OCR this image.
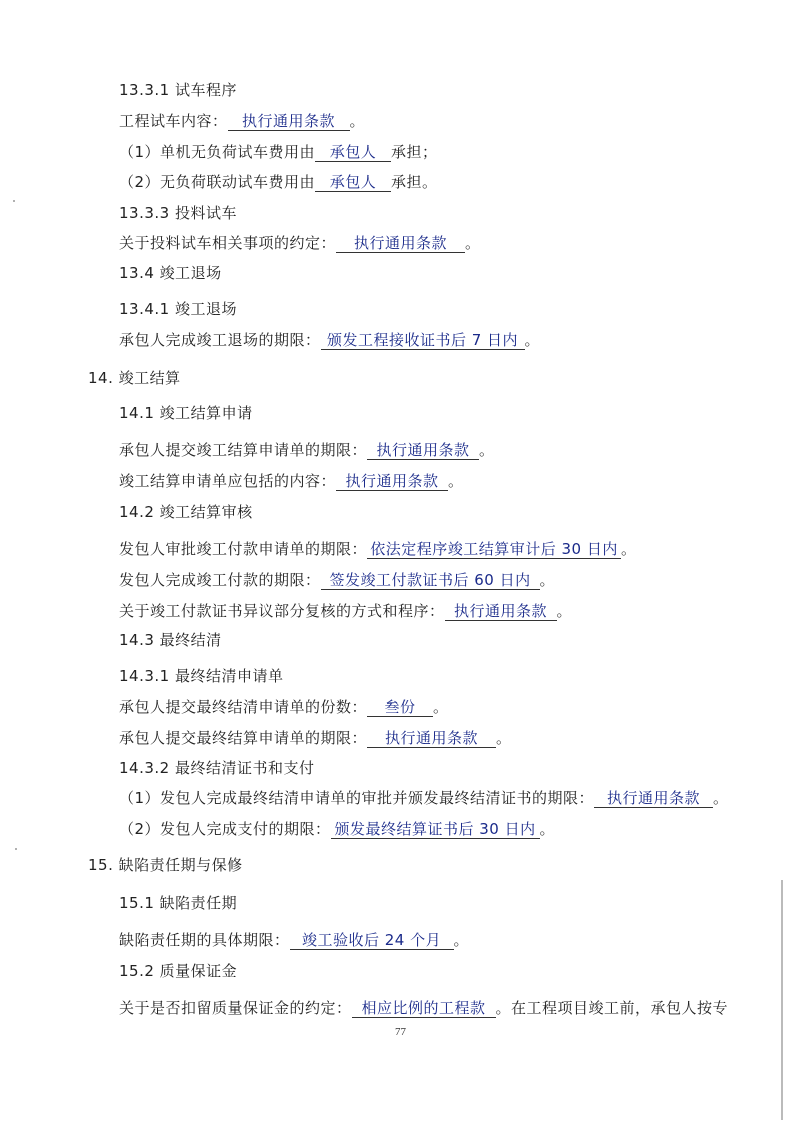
13.3.1 试车程序
工程试车内容： 执行通用条款 。
（1）单机无负荷试车费用由 承包人 承担；
（2）无负荷联动试车费用由 承包人 承担。
13.3.3 投料试车
关于投料试车相关事项的约定： 执行通用条款 。
13.4 竣工退场
13.4.1 竣工退场
承包人完成竣工退场的期限： 颁发工程接收证书后 7 日内 。
14. 竣工结算
14.1 竣工结算申请
承包人提交竣工结算申请单的期限： 执行通用条款 。
竣工结算申请单应包括的内容： 执行通用条款 。
14.2 竣工结算审核
发包人审批竣工付款申请单的期限： 依法定程序竣工结算审计后 30 日内 。
发包人完成竣工付款的期限： 签发竣工付款证书后 60 日内 。
关于竣工付款证书异议部分复核的方式和程序： 执行通用条款 。
14.3 最终结清
14.3.1 最终结清申请单
承包人提交最终结清申请单的份数： 叁份 。
承包人提交最终结算申请单的期限： 执行通用条款 。
14.3.2 最终结清证书和支付
（1）发包人完成最终结清申请单的审批并颁发最终结清证书的期限： 执行通用条款 。
（2）发包人完成支付的期限： 颁发最终结算证书后 30 日内 。
15. 缺陷责任期与保修
15.1 缺陷责任期
缺陷责任期的具体期限： 竣工验收后 24 个月 。
15.2 质量保证金
关于是否扣留质量保证金的约定： 相应比例的工程款 。在工程项目竣工前，承包人按专
77
